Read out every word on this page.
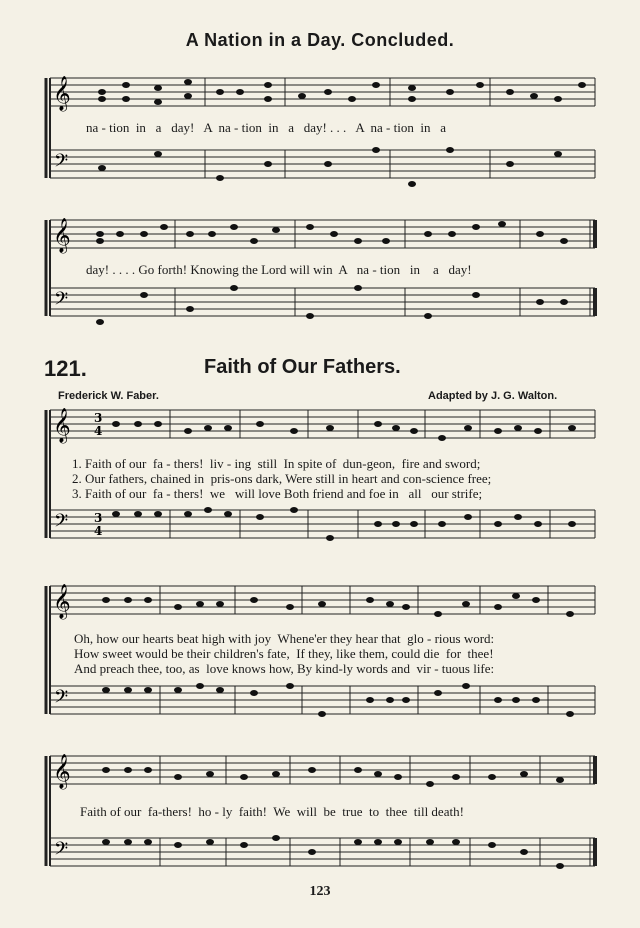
A Nation in a Day. Concluded.
𝄞
𝄢
na - tion  in   a   day!   A  na - tion  in   a   day! . . .   A  na - tion  in   a
𝄞
𝄢
day! . . . . Go forth! Knowing the Lord will win  A   na - tion   in    a   day!
121.	Faith of Our Fathers.
Frederick W. Faber.	Adapted by J. G. Walton.
𝄞
𝄢
3
4
3
4
1. Faith of our  fa - thers!  liv - ing  still  In spite of  dun-geon,  fire and sword;
2. Our fathers, chained in  pris-ons dark, Were still in heart and con-science free;
3. Faith of our  fa - thers!  we   will love Both friend and foe in   all   our strife;
𝄞
𝄢
Oh, how our hearts beat high with joy  Whene'er they hear that  glo - rious word:
How sweet would be their children's fate,  If they, like them, could die  for  thee!
And preach thee, too, as  love knows how, By kind-ly words and  vir - tuous life:
𝄞
𝄢
Faith of our  fa-thers!  ho - ly  faith!  We  will  be  true  to  thee  till death!
123
